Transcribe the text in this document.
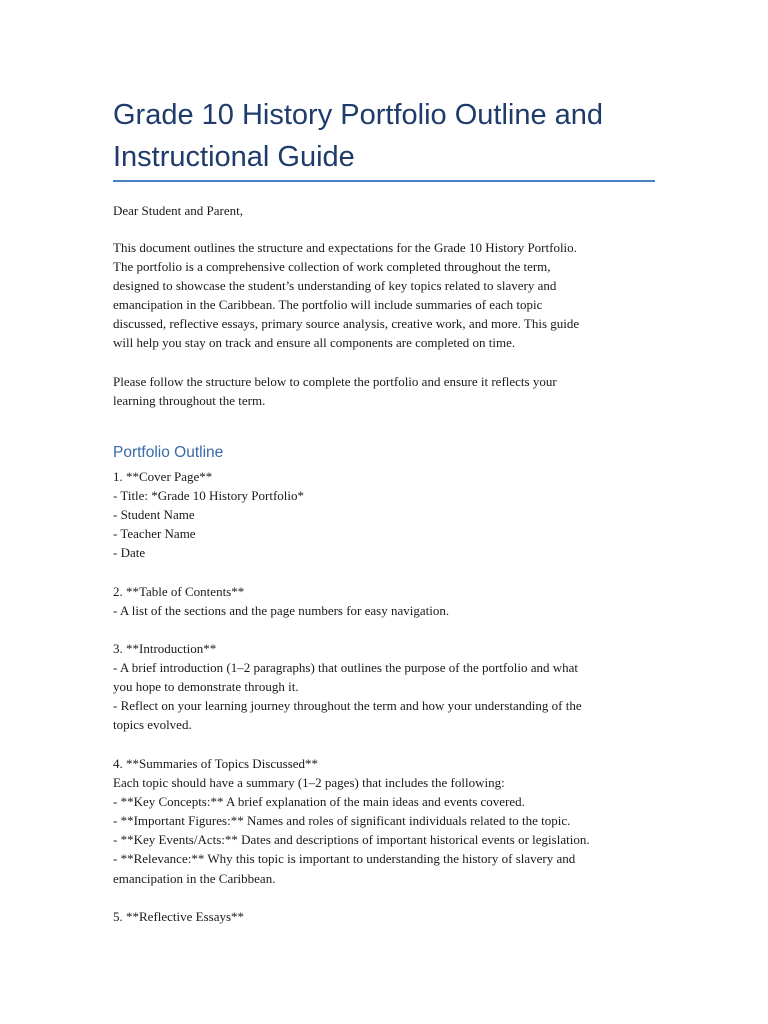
Grade 10 History Portfolio Outline and Instructional Guide

Dear Student and Parent,

This document outlines the structure and expectations for the Grade 10 History Portfolio.
The portfolio is a comprehensive collection of work completed throughout the term,
designed to showcase the student’s understanding of key topics related to slavery and
emancipation in the Caribbean. The portfolio will include summaries of each topic
discussed, reflective essays, primary source analysis, creative work, and more. This guide
will help you stay on track and ensure all components are completed on time.

Please follow the structure below to complete the portfolio and ensure it reflects your
learning throughout the term.

Portfolio Outline

1. **Cover Page**
- Title: *Grade 10 History Portfolio*
- Student Name
- Teacher Name
- Date

2. **Table of Contents**
- A list of the sections and the page numbers for easy navigation.

3. **Introduction**
- A brief introduction (1–2 paragraphs) that outlines the purpose of the portfolio and what
you hope to demonstrate through it.
- Reflect on your learning journey throughout the term and how your understanding of the
topics evolved.

4. **Summaries of Topics Discussed**
Each topic should have a summary (1–2 pages) that includes the following:
- **Key Concepts:** A brief explanation of the main ideas and events covered.
- **Important Figures:** Names and roles of significant individuals related to the topic.
- **Key Events/Acts:** Dates and descriptions of important historical events or legislation.
- **Relevance:** Why this topic is important to understanding the history of slavery and
emancipation in the Caribbean.

5. **Reflective Essays**
